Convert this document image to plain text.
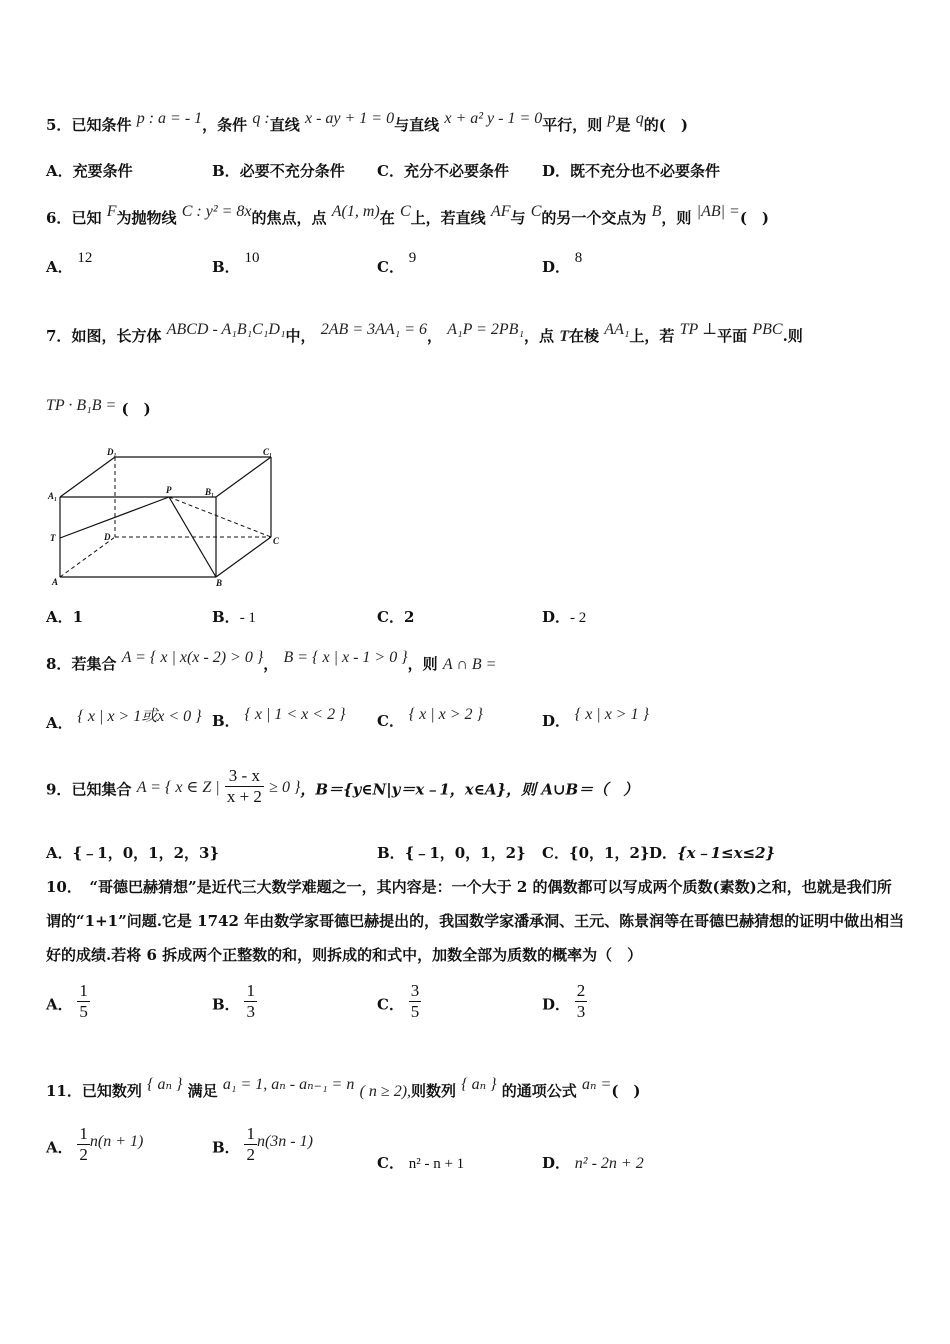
5．已知条件 p : a = - 1，条件 q :直线 x - ay + 1 = 0与直线 x + a² y - 1 = 0平行，则 p是 q的(　)
A．充要条件	B．必要不充分条件 C．充分不必要条件 D．既不充分也不必要条件
6．已知 F为抛物线 C : y² = 8x的焦点，点 A(1, m)在 C上，若直线 AF与 C的另一个交点为 B，则 |AB| =(　)
A． 12	B． 10	C． 9	D． 8
7．如图，长方体 ABCD - A₁B₁C₁D₁中， 2AB = 3AA₁ = 6， A₁P = 2PB₁，点 T在棱 AA₁上，若 TP ⊥平面 PBC.则
TP · B₁B = (　)
D₁	C₁
A₁
P	B₁
T	D	C
A	B
A．1	B．- 1	C．2	D．- 2
8．若集合 A = { x | x(x - 2) > 0 }， B = { x | x - 1 > 0 }，则 A ∩ B =
A． { x | x > 1或x < 0 } B． { x | 1 < x < 2 } C． { x | x > 2 }	D． { x | x > 1 }
9．已知集合 A = { x ∈ Z | $\frac{3 - x}{x + 2} \ge 0$ }，B＝{y∈N|y＝x﹣1，x∈A}，则 A∪B＝（　）
A．{﹣1，0，1，2，3}	B．{﹣1，0，1，2} C．{0，1，2} D．{x﹣1≤x≤2}
10．　“哥德巴赫猜想”是近代三大数学难题之一，其内容是：一个大于 2 的偶数都可以写成两个质数(素数)之和，也就是我们所谓的“1+1”问题.它是 1742 年由数学家哥德巴赫提出的，我国数学家潘承洞、王元、陈景润等在哥德巴赫猜想的证明中做出相当好的成绩.若将 6 拆成两个正整数的和，则拆成的和式中，加数全部为质数的概率为（　）
A． $\frac{1}{5}$	B． $\frac{1}{3}$	C． $\frac{3}{5}$	D． $\frac{2}{3}$
11．已知数列 { aₙ } 满足 a₁ = 1, aₙ - aₙ₋₁ = n ( n ≥ 2),则数列 { aₙ } 的通项公式 aₙ =(　)
A． $\frac{1}{2} n(n + 1)$	B． $\frac{1}{2} n(3n - 1)$
C． n² - n + 1	D． n² - 2n + 2
